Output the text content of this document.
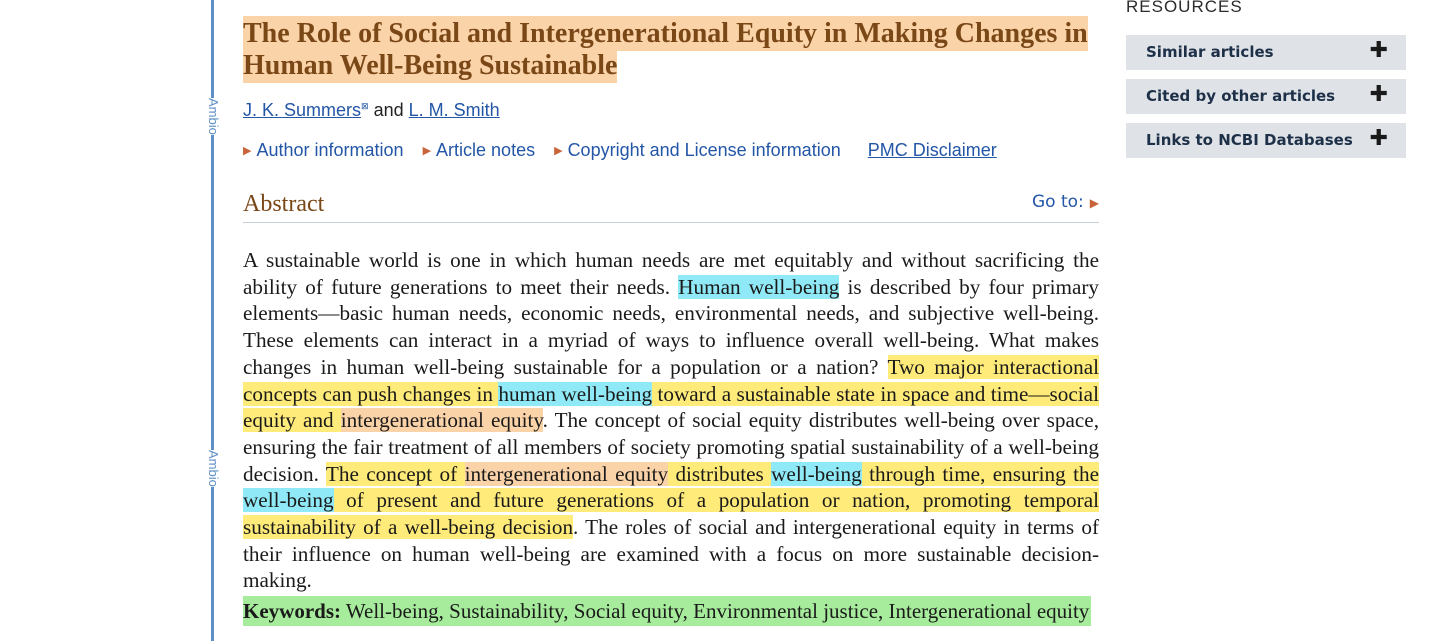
Ambio
Ambio
The Role of Social and Intergenerational Equity in Making Changes in Human Well-Being Sustainable
J. K. Summers⊠ and L. M. Smith
▶ Author information ▶ Article notes ▶ Copyright and License information PMC Disclaimer
Abstract	Go to: ▶
A sustainable world is one in which human needs are met equitably and without sacrificing the ability of future generations to meet their needs. Human well-being is described by four primary elements—basic human needs, economic needs, environmental needs, and subjective well-being. These elements can interact in a myriad of ways to influence overall well-being. What makes changes in human well-being sustainable for a population or a nation? Two major interactional concepts can push changes in human well-being toward a sustainable state in space and time—social equity and intergenerational equity. The concept of social equity distributes well-being over space, ensuring the fair treatment of all members of society promoting spatial sustainability of a well-being decision. The concept of intergenerational equity distributes well-being through time, ensuring the well-being of present and future generations of a population or nation, promoting temporal sustainability of a well-being decision. The roles of social and intergenerational equity in terms of their influence on human well-being are examined with a focus on more sustainable decision-making.
Keywords: Well-being, Sustainability, Social equity, Environmental justice, Intergenerational equity
RESOURCES
Similar articles	✚
Cited by other articles ✚
Links to NCBI Databases ✚
